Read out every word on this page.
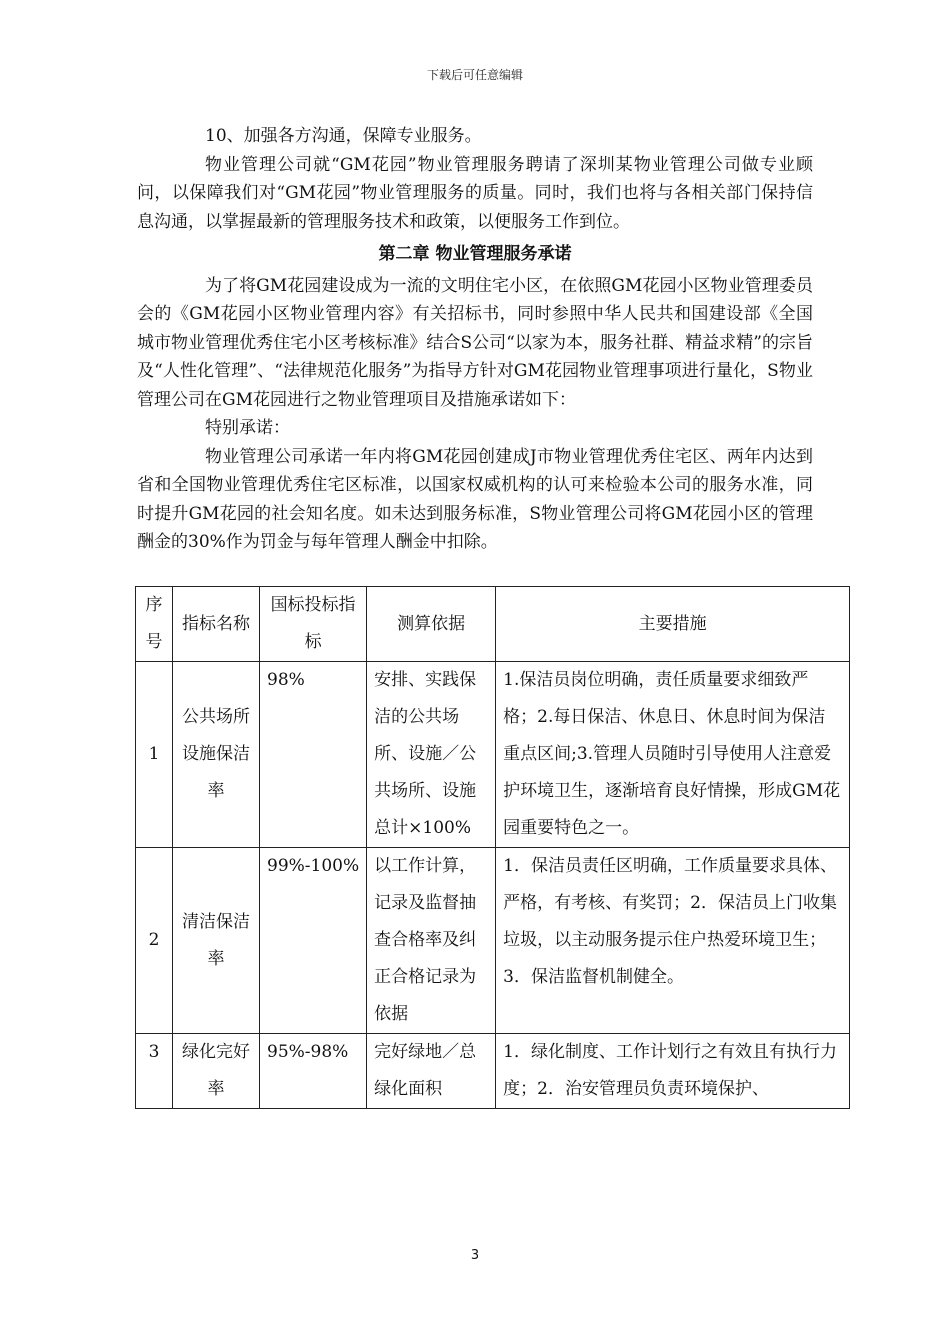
下载后可任意编辑

10、加强各方沟通，保障专业服务。

物业管理公司就“GM花园”物业管理服务聘请了深圳某物业管理公司做专业顾问，以保障我们对“GM花园”物业管理服务的质量。同时，我们也将与各相关部门保持信息沟通，以掌握最新的管理服务技术和政策，以便服务工作到位。

第二章 物业管理服务承诺

为了将GM花园建设成为一流的文明住宅小区，在依照GM花园小区物业管理委员会的《GM花园小区物业管理内容》有关招标书，同时参照中华人民共和国建设部《全国城市物业管理优秀住宅小区考核标准》结合S公司“以家为本，服务社群、精益求精”的宗旨及“人性化管理”、“法律规范化服务”为指导方针对GM花园物业管理事项进行量化，S物业管理公司在GM花园进行之物业管理项目及措施承诺如下：

特别承诺：

物业管理公司承诺一年内将GM花园创建成J市物业管理优秀住宅区、两年内达到省和全国物业管理优秀住宅区标准，以国家权威机构的认可来检验本公司的服务水准，同时提升GM花园的社会知名度。如未达到服务标准，S物业管理公司将GM花园小区的管理酬金的30%作为罚金与每年管理人酬金中扣除。

序号	指标名称	国标投标指标	测算依据	主要措施
1	公共场所设施保洁率	98%	安排、实践保洁的公共场所、设施／公共场所、设施总计×100%	1.保洁员岗位明确，责任质量要求细致严格；2.每日保洁、休息日、休息时间为保洁重点区间;3.管理人员随时引导使用人注意爱护环境卫生，逐渐培育良好情操，形成GM花园重要特色之一。
2	清洁保洁率	99%-100%	以工作计算，记录及监督抽查合格率及纠正合格记录为依据	1．保洁员责任区明确，工作质量要求具体、严格，有考核、有奖罚；2．保洁员上门收集垃圾，以主动服务提示住户热爱环境卫生；3．保洁监督机制健全。
3	绿化完好率	95%-98%	完好绿地／总绿化面积	1．绿化制度、工作计划行之有效且有执行力度；2．治安管理员负责环境保护、
3
